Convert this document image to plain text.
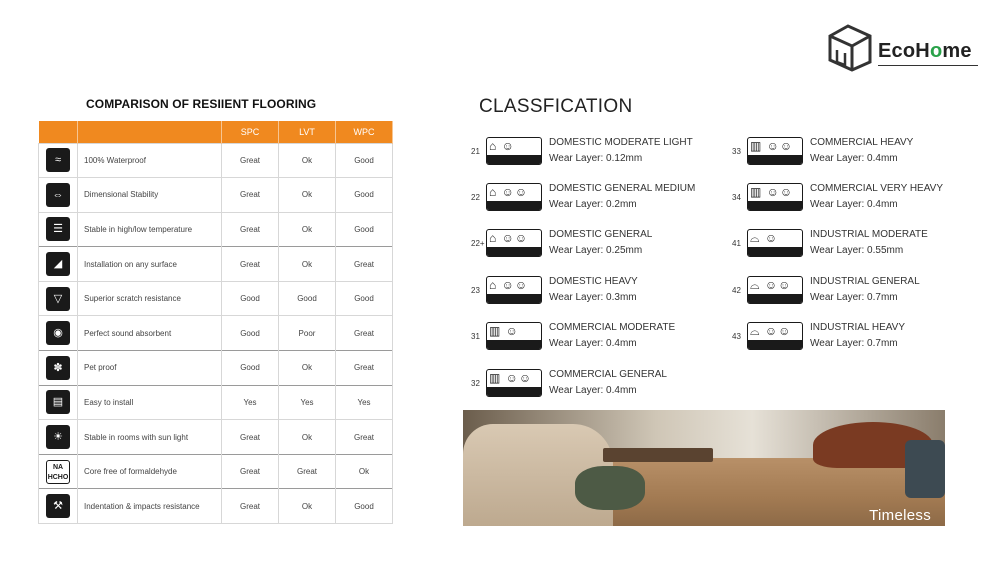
EcoHome
COMPARISON OF RESIIENT FLOORING
		SPC	LVT	WPC
≈	100% Waterproof	Great	Ok	Good
⇔	Dimensional Stability	Great	Ok	Good
☰	Stable in high/low temperature	Great	Ok	Good
◢	Installation on any surface	Great	Ok	Great
▽	Superior scratch resistance	Good	Good	Good
◉	Perfect sound absorbent	Good	Poor	Great
✽	Pet proof	Good	Ok	Great
▤	Easy to install	Yes	Yes	Yes
☀	Stable in rooms with sun light	Great	Ok	Great

NA
HCHO	Core free of formaldehyde	Great	Great	Ok
⚒	Indentation & impacts resistance	Great	Ok	Good
CLASSFICATION
21 ⌂ ☺	DOMESTIC MODERATE LIGHT
Wear Layer: 0.12mm
22 ⌂ ☺☺ DOMESTIC GENERAL MEDIUM
Wear Layer: 0.2mm
22+ ⌂ ☺☺ DOMESTIC GENERAL
Wear Layer: 0.25mm
23 ⌂ ☺☺	DOMESTIC HEAVY
Wear Layer: 0.3mm
31 ▥ ☺	COMMERCIAL MODERATE
Wear Layer: 0.4mm
32 ▥ ☺☺ COMMERCIAL GENERAL
Wear Layer: 0.4mm
33 ▥ ☺☺	COMMERCIAL HEAVY
Wear Layer: 0.4mm
34 ▥ ☺☺	COMMERCIAL VERY HEAVY
Wear Layer: 0.4mm
41 ⌓ ☺	INDUSTRIAL MODERATE
Wear Layer: 0.55mm
42 ⌓ ☺☺ INDUSTRIAL GENERAL
Wear Layer: 0.7mm
43 ⌓ ☺☺	INDUSTRIAL HEAVY
Wear Layer: 0.7mm
Timeless
